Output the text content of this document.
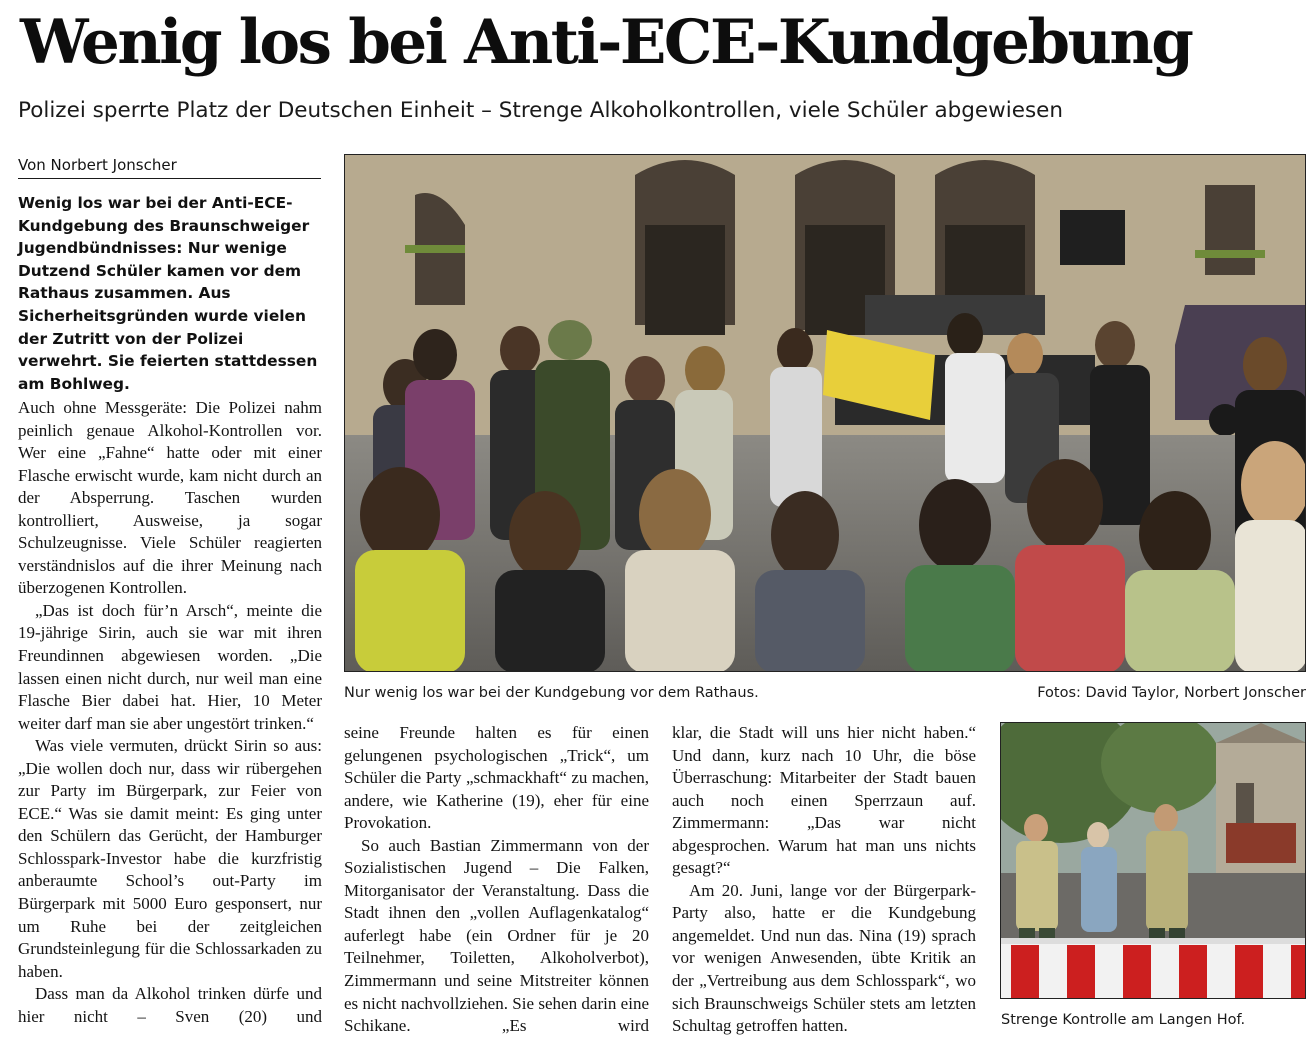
Wenig los bei Anti-ECE-Kundgebung
Polizei sperrte Platz der Deutschen Einheit – Strenge Alkoholkontrollen, viele Schüler abgewiesen
Von Norbert Jonscher

Wenig los war bei der Anti-ECE-Kundgebung des Braunschweiger Jugendbündnisses: Nur wenige Dutzend Schüler kamen vor dem Rathaus zusammen. Aus Sicherheitsgründen wurde vielen der Zutritt von der Polizei verwehrt. Sie feierten stattdessen am Bohlweg.

Auch ohne Messgeräte: Die Polizei nahm peinlich genaue Alkohol-Kontrollen vor. Wer eine „Fahne“ hatte oder mit einer Flasche erwischt wurde, kam nicht durch an der Absperrung. Taschen wurden kontrolliert, Ausweise, ja sogar Schulzeugnisse. Viele Schüler reagierten verständnislos auf die ihrer Meinung nach überzogenen Kontrollen.

„Das ist doch für’n Arsch“, meinte die 19-jährige Sirin, auch sie war mit ihren Freundinnen abgewiesen worden. „Die lassen einen nicht durch, nur weil man eine Flasche Bier dabei hat. Hier, 10 Meter weiter darf man sie aber ungestört trinken.“

Was viele vermuten, drückt Sirin so aus: „Die wollen doch nur, dass wir rübergehen zur Party im Bürgerpark, zur Feier von ECE.“ Was sie damit meint: Es ging unter den Schülern das Gerücht, der Hamburger Schlosspark-Investor habe die kurzfristig anberaumte School’s out-Party im Bürgerpark mit 5000 Euro gesponsert, nur um Ruhe bei der zeitgleichen Grundsteinlegung für die Schlossarkaden zu haben.

Dass man da Alkohol trinken dürfe und hier nicht – Sven (20) und

seine Freunde halten es für einen gelungenen psychologischen „Trick“, um Schüler die Party „schmackhaft“ zu machen, andere, wie Katherine (19), eher für eine Provokation.

So auch Bastian Zimmermann von der Sozialistischen Jugend – Die Falken, Mitorganisator der Veranstaltung. Dass die Stadt ihnen den „vollen Auflagenkatalog“ auferlegt habe (ein Ordner für je 20 Teilnehmer, Toiletten, Alkoholverbot), Zimmermann und seine Mitstreiter können es nicht nachvollziehen. Sie sehen darin eine Schikane. „Es wird

klar, die Stadt will uns hier nicht haben.“ Und dann, kurz nach 10 Uhr, die böse Überraschung: Mitarbeiter der Stadt bauen auch noch einen Sperrzaun auf. Zimmermann: „Das war nicht abgesprochen. Warum hat man uns nichts gesagt?“

Am 20. Juni, lange vor der Bürgerpark-Party also, hatte er die Kundgebung angemeldet. Und nun das. Nina (19) sprach vor wenigen Anwesenden, übte Kritik an der „Vertreibung aus dem Schlosspark“, wo sich Braunschweigs Schüler stets am letzten Schultag getroffen hatten.

Nur wenig los war bei der Kundgebung vor dem Rathaus.	Fotos: David Taylor, Norbert Jonscher
Strenge Kontrolle am Langen Hof.
